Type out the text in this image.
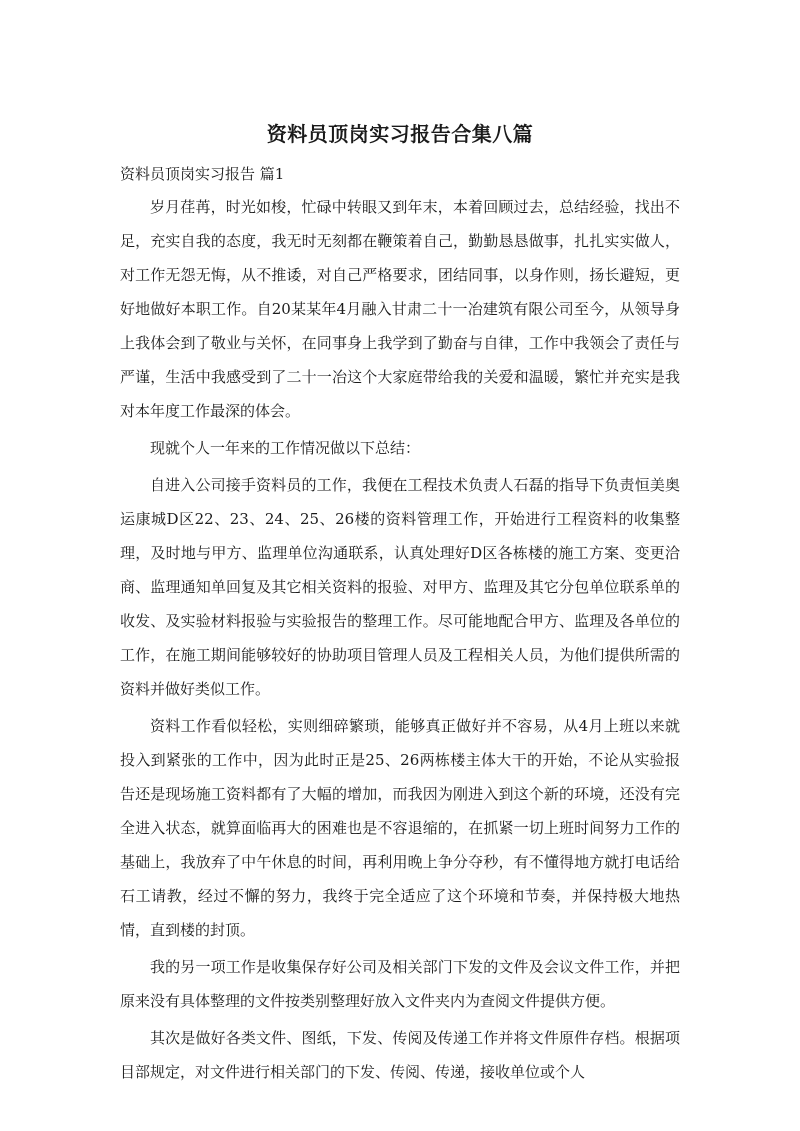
资料员顶岗实习报告合集八篇
资料员顶岗实习报告 篇1

岁月荏苒，时光如梭，忙碌中转眼又到年末，本着回顾过去，总结经验，找出不足，充实自我的态度，我无时无刻都在鞭策着自己，勤勤恳恳做事，扎扎实实做人，对工作无怨无悔，从不推诿，对自己严格要求，团结同事，以身作则，扬长避短，更好地做好本职工作。自20某某年4月融入甘肃二十一冶建筑有限公司至今，从领导身上我体会到了敬业与关怀，在同事身上我学到了勤奋与自律，工作中我领会了责任与严谨，生活中我感受到了二十一冶这个大家庭带给我的关爱和温暖，繁忙并充实是我对本年度工作最深的体会。

现就个人一年来的工作情况做以下总结：

自进入公司接手资料员的工作，我便在工程技术负责人石磊的指导下负责恒美奥运康城D区22、23、24、25、26楼的资料管理工作，开始进行工程资料的收集整理，及时地与甲方、监理单位沟通联系，认真处理好D区各栋楼的施工方案、变更洽商、监理通知单回复及其它相关资料的报验、对甲方、监理及其它分包单位联系单的收发、及实验材料报验与实验报告的整理工作。尽可能地配合甲方、监理及各单位的工作，在施工期间能够较好的协助项目管理人员及工程相关人员，为他们提供所需的资料并做好类似工作。

资料工作看似轻松，实则细碎繁琐，能够真正做好并不容易，从4月上班以来就投入到紧张的工作中，因为此时正是25、26两栋楼主体大干的开始，不论从实验报告还是现场施工资料都有了大幅的增加，而我因为刚进入到这个新的环境，还没有完全进入状态，就算面临再大的困难也是不容退缩的，在抓紧一切上班时间努力工作的基础上，我放弃了中午休息的时间，再利用晚上争分夺秒，有不懂得地方就打电话给石工请教，经过不懈的努力，我终于完全适应了这个环境和节奏，并保持极大地热情，直到楼的封顶。

我的另一项工作是收集保存好公司及相关部门下发的文件及会议文件工作，并把原来没有具体整理的文件按类别整理好放入文件夹内为查阅文件提供方便。

其次是做好各类文件、图纸，下发、传阅及传递工作并将文件原件存档。根据项目部规定，对文件进行相关部门的下发、传阅、传递，接收单位或个人
